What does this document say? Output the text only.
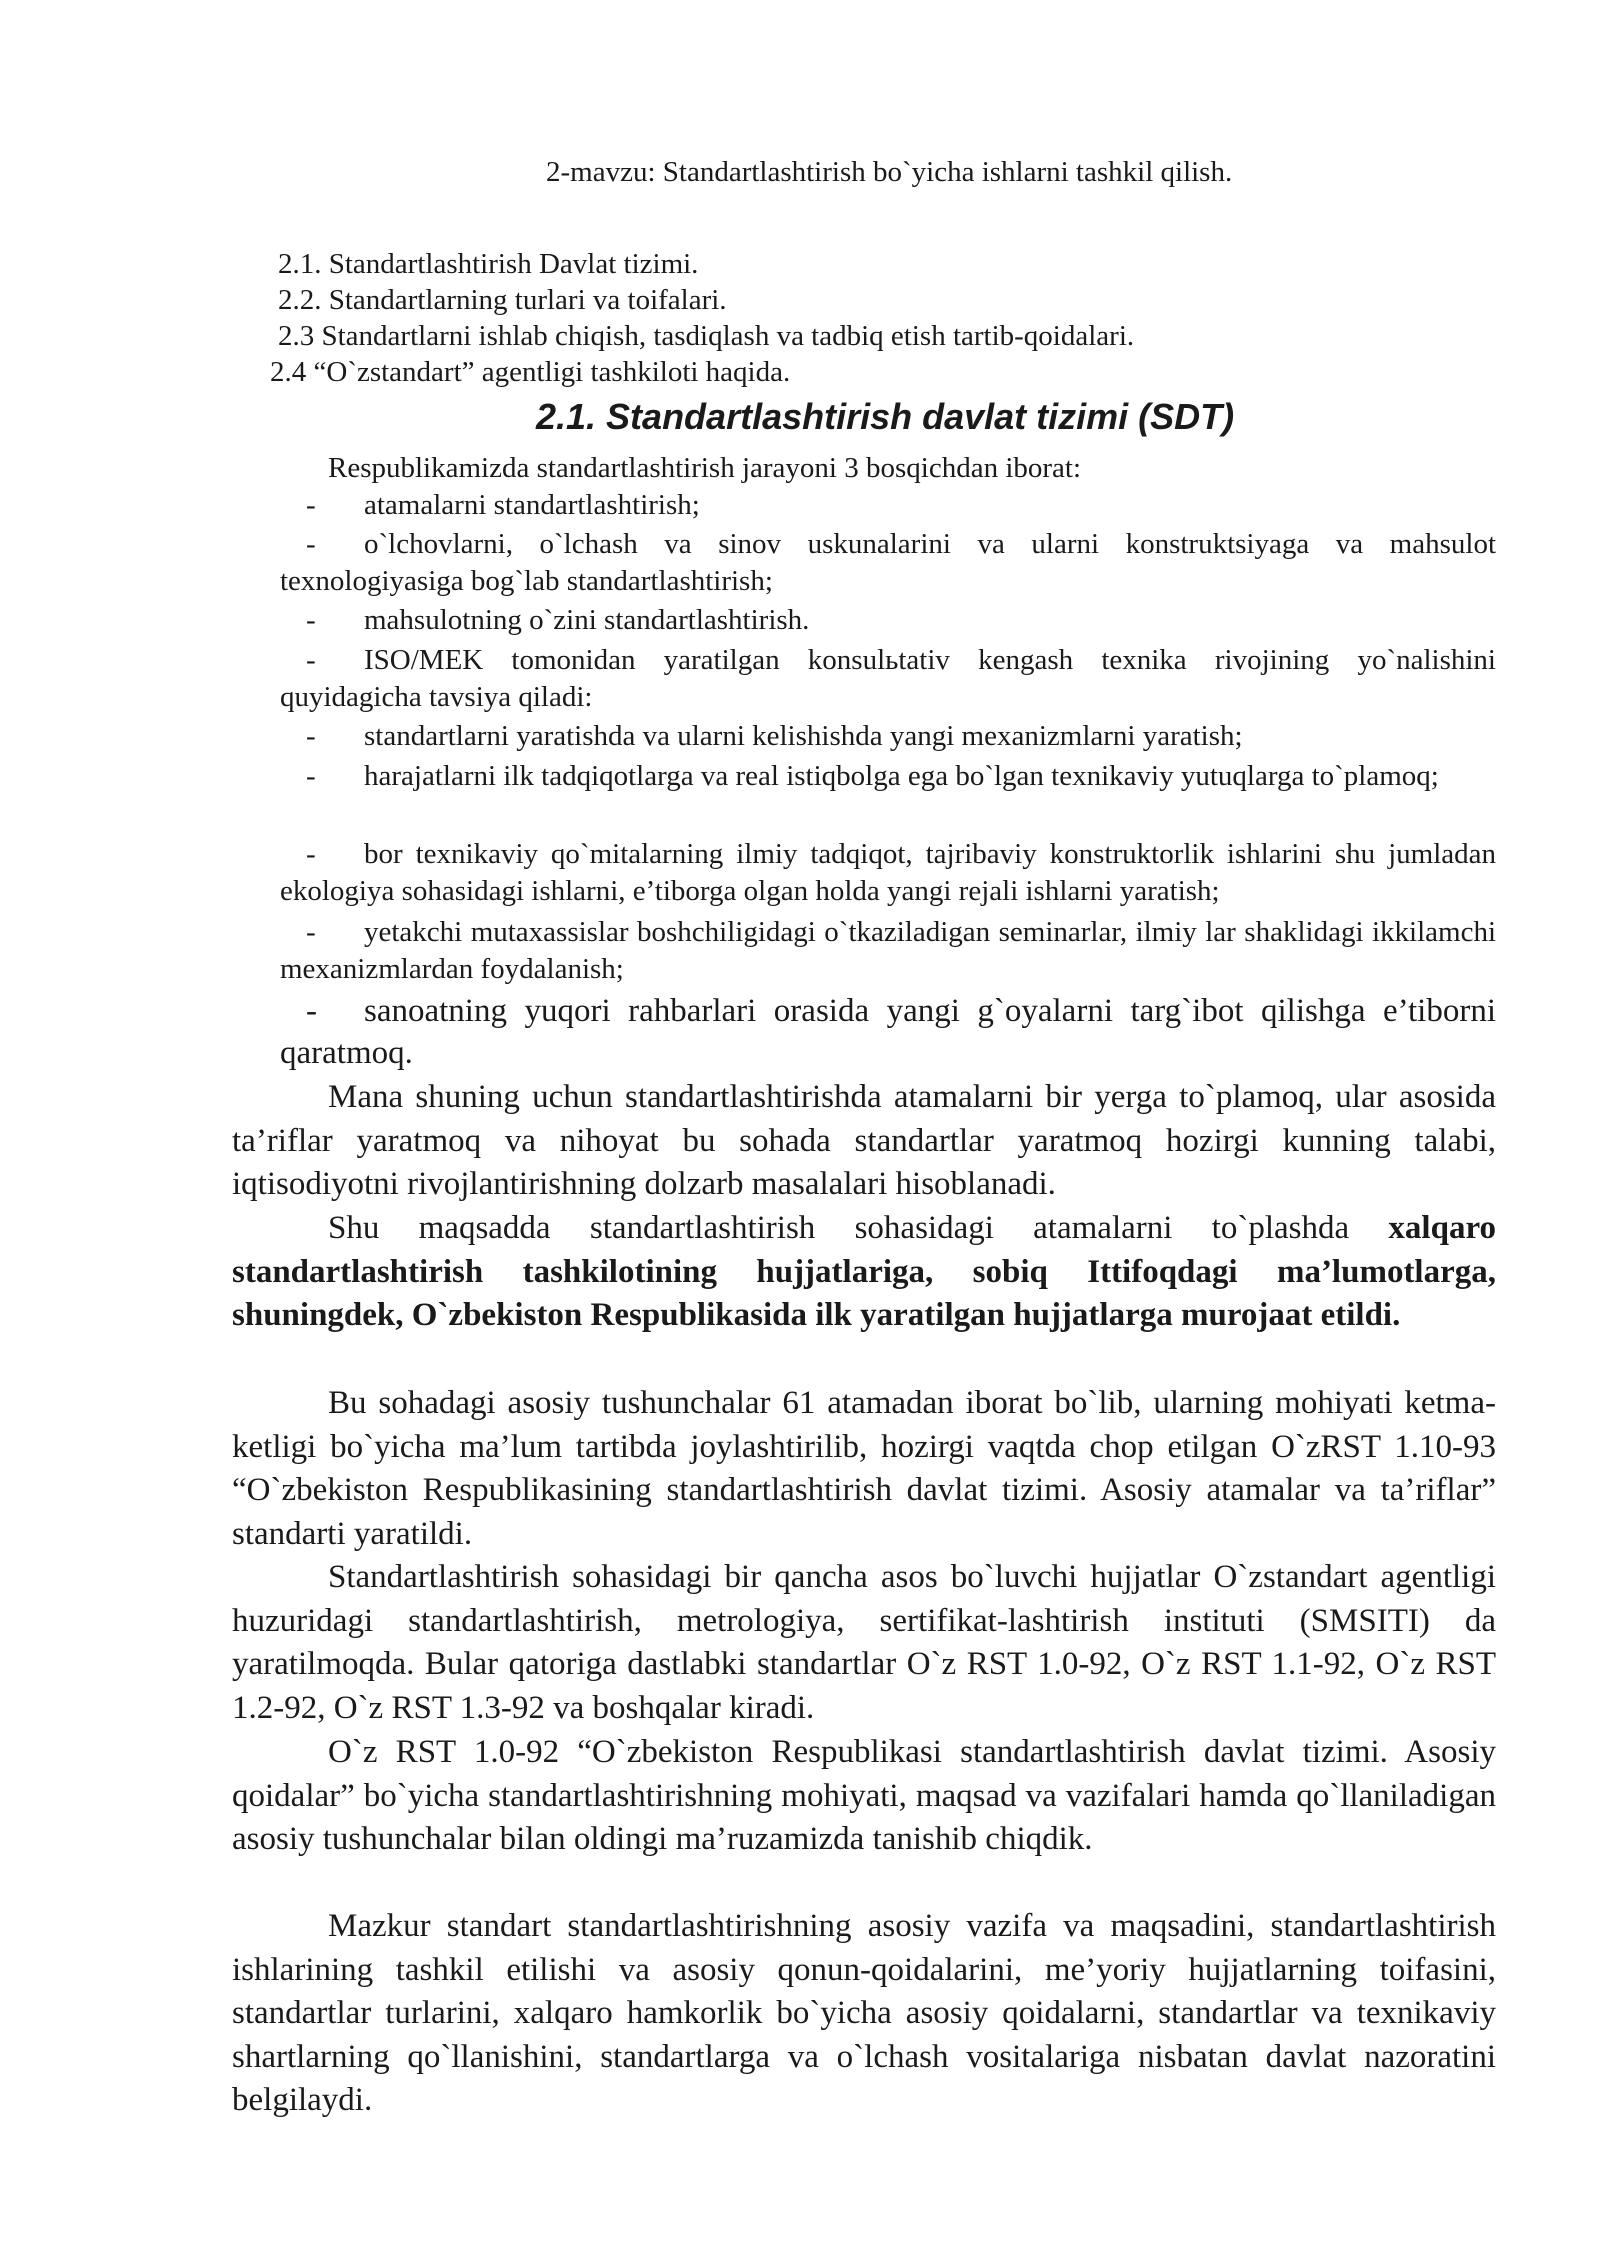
2-mavzu: Standartlashtirish bo`yicha ishlarni tashkil qilish.
2.1. Standartlashtirish Davlat tizimi.
2.2. Standartlarning turlari va toifalari.
2.3 Standartlarni ishlab chiqish, tasdiqlash va tadbiq etish tartib-qoidalari.
2.4 “O`zstandart” agentligi tashkiloti haqida.
2.1. Standartlashtirish davlat tizimi (SDT)
Respublikamizda standartlashtirish jarayoni 3 bosqichdan iborat:
-	atamalarni standartlashtirish;
-	o`lchovlarni, o`lchash va sinov uskunalarini va ularni konstruktsiyaga va mahsulot texnologiyasiga bog`lab standartlashtirish;
-	mahsulotning o`zini standartlashtirish.
-	ISO/MEK tomonidan yaratilgan konsulьtativ kengash texnika rivojining yo`nalishini quyidagicha tavsiya qiladi:
-	standartlarni yaratishda va ularni kelishishda yangi mexanizmlarni yaratish;
-	harajatlarni ilk tadqiqotlarga va real istiqbolga ega bo`lgan texnikaviy yutuqlarga to`plamoq;
-	bor texnikaviy qo`mitalarning ilmiy tadqiqot, tajribaviy konstruktorlik ishlarini shu jumladan ekologiya sohasidagi ishlarni, e’tiborga olgan holda yangi rejali ishlarni yaratish;
-	yetakchi mutaxassislar boshchiligidagi o`tkaziladigan seminarlar, ilmiy lar shaklidagi ikkilamchi mexanizmlardan foydalanish;
-	sanoatning yuqori rahbarlari orasida yangi g`oyalarni targ`ibot qilishga e’tiborni qaratmoq.

Mana shuning uchun standartlashtirishda atamalarni bir yerga to`plamoq, ular asosida ta’riflar yaratmoq va nihoyat bu sohada standartlar yaratmoq hozirgi kunning talabi, iqtisodiyotni rivojlantirishning dolzarb masalalari hisoblanadi.

Shu maqsadda standartlashtirish sohasidagi atamalarni to`plashda xalqaro standartlashtirish tashkilotining hujjatlariga, sobiq Ittifoqdagi ma’lumotlarga, shuningdek, O`zbekiston Respublikasida ilk yaratilgan hujjatlarga murojaat etildi.

Bu sohadagi asosiy tushunchalar 61 atamadan iborat bo`lib, ularning mohiyati ketma-ketligi bo`yicha ma’lum tartibda joylashtirilib, hozirgi vaqtda chop etilgan O`zRST 1.10-93 “O`zbekiston Respublikasining standartlashtirish davlat tizimi. Asosiy atamalar va ta’riflar” standarti yaratildi.

Standartlashtirish sohasidagi bir qancha asos bo`luvchi hujjatlar O`zstandart agentligi huzuridagi standartlashtirish, metrologiya, sertifikat-lashtirish instituti (SMSITI) da yaratilmoqda. Bular qatoriga dastlabki standartlar O`z RST 1.0-92, O`z RST 1.1-92, O`z RST 1.2-92, O`z RST 1.3-92 va boshqalar kiradi.

O`z RST 1.0-92 “O`zbekiston Respublikasi standartlashtirish davlat tizimi. Asosiy qoidalar” bo`yicha standartlashtirishning mohiyati, maqsad va vazifalari hamda qo`llaniladigan asosiy tushunchalar bilan oldingi ma’ruzamizda tanishib chiqdik.

Mazkur standart standartlashtirishning asosiy vazifa va maqsadini, standartlashtirish ishlarining tashkil etilishi va asosiy qonun-qoidalarini, me’yoriy hujjatlarning toifasini, standartlar turlarini, xalqaro hamkorlik bo`yicha asosiy qoidalarni, standartlar va texnikaviy shartlarning qo`llanishini, standartlarga va o`lchash vositalariga nisbatan davlat nazoratini belgilaydi.
